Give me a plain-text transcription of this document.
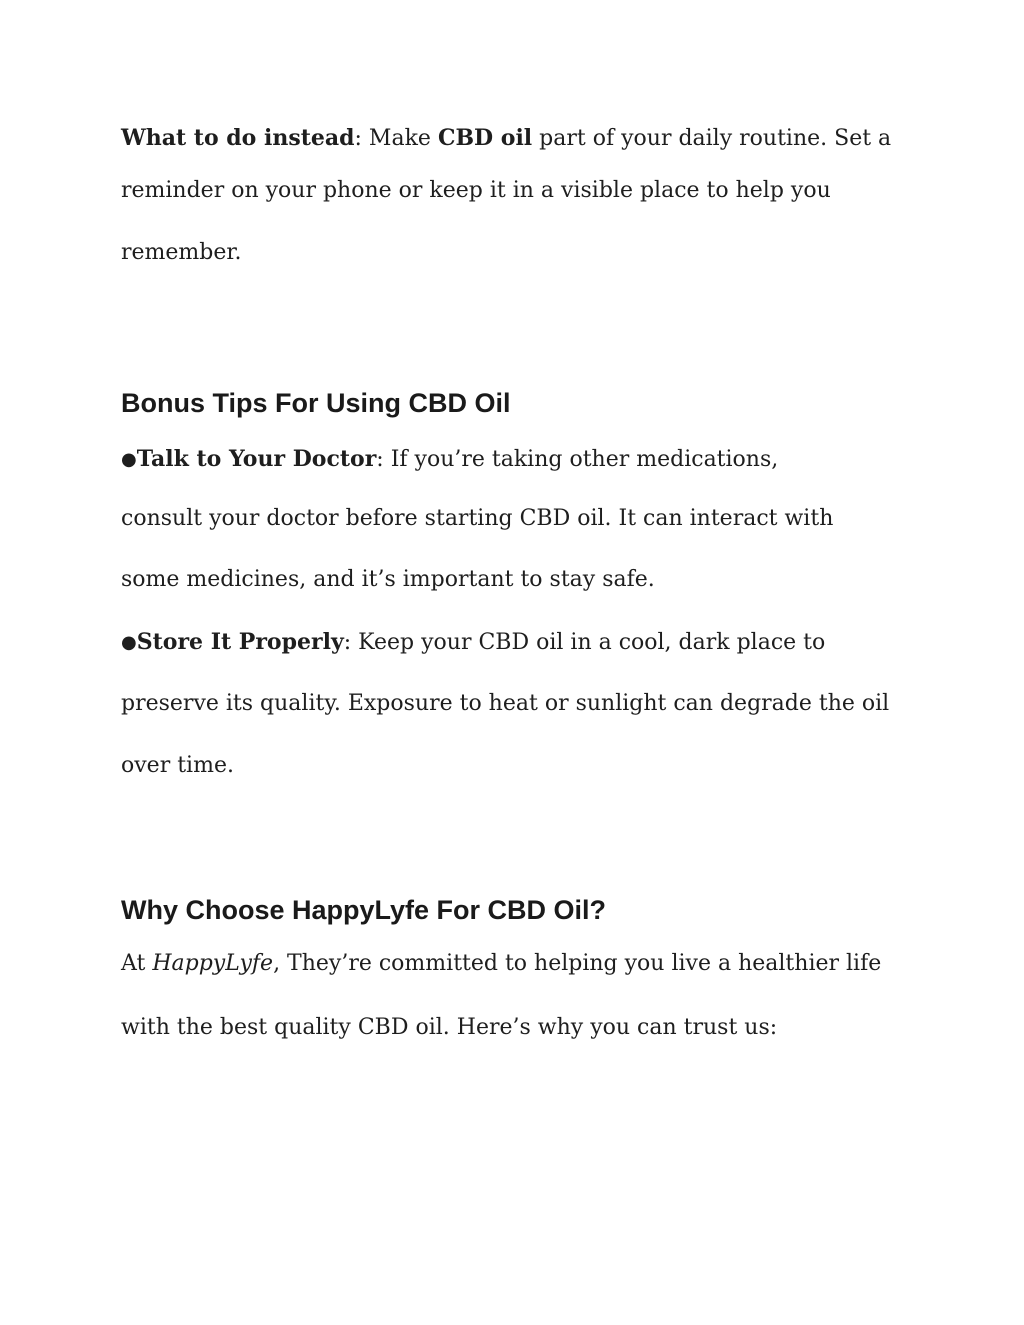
What to do instead: Make CBD oil part of your daily routine. Set a
reminder on your phone or keep it in a visible place to help you
remember.
Bonus Tips For Using CBD Oil
●Talk to Your Doctor: If you’re taking other medications,
consult your doctor before starting CBD oil. It can interact with
some medicines, and it’s important to stay safe.
●Store It Properly: Keep your CBD oil in a cool, dark place to
preserve its quality. Exposure to heat or sunlight can degrade the oil
over time.
Why Choose HappyLyfe For CBD Oil?
At HappyLyfe, They’re committed to helping you live a healthier life
with the best quality CBD oil. Here’s why you can trust us:
